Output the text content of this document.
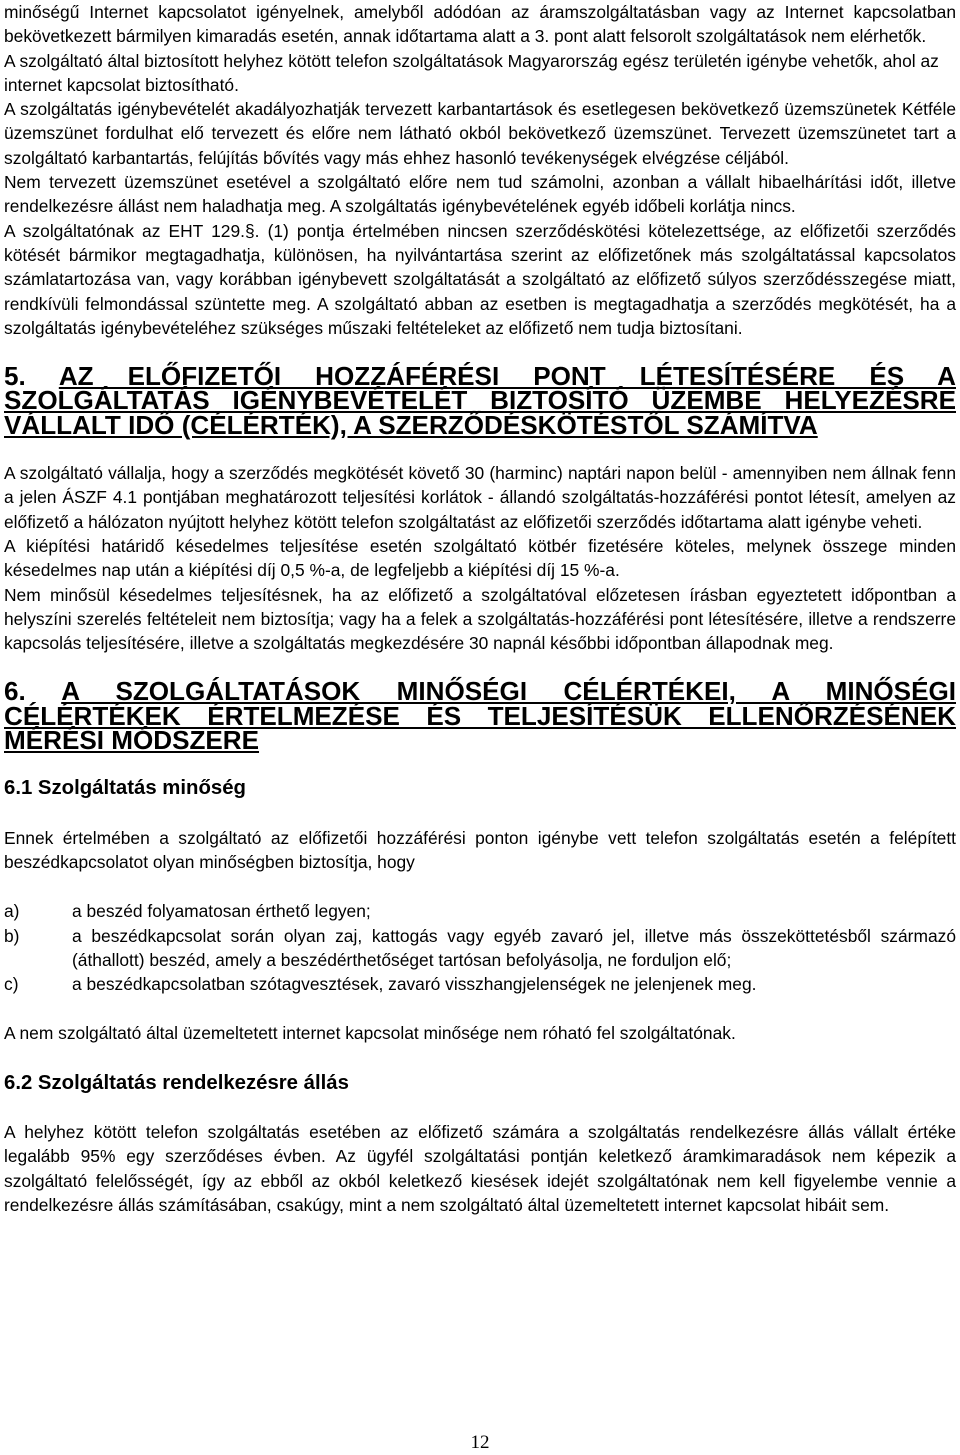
minőségű Internet kapcsolatot igényelnek, amelyből adódóan az áramszolgáltatásban vagy az Internet kapcsolatban bekövetkezett bármilyen kimaradás esetén, annak időtartama alatt a 3. pont alatt felsorolt szolgáltatások nem elérhetők.

A szolgáltató által biztosított helyhez kötött telefon szolgáltatások Magyarország egész területén igénybe vehetők, ahol az internet kapcsolat biztosítható.

A szolgáltatás igénybevételét akadályozhatják tervezett karbantartások és esetlegesen bekövetkező üzemszünetek Kétféle üzemszünet fordulhat elő tervezett és előre nem látható okból bekövetkező üzemszünet. Tervezett üzemszünetet tart a szolgáltató karbantartás, felújítás bővítés vagy más ehhez hasonló tevékenységek elvégzése céljából.

Nem tervezett üzemszünet esetével a szolgáltató előre nem tud számolni, azonban a vállalt hibaelhárítási időt, illetve rendelkezésre állást nem haladhatja meg. A szolgáltatás igénybevételének egyéb időbeli korlátja nincs.

A szolgáltatónak az EHT 129.§. (1) pontja értelmében nincsen szerződéskötési kötelezettsége, az előfizetői szerződés kötését bármikor megtagadhatja, különösen, ha nyilvántartása szerint az előfizetőnek más szolgáltatással kapcsolatos számlatartozása van, vagy korábban igénybevett szolgáltatását a szolgáltató az előfizető súlyos szerződésszegése miatt, rendkívüli felmondással szüntette meg. A szolgáltató abban az esetben is megtagadhatja a szerződés megkötését, ha a szolgáltatás igénybevételéhez szükséges műszaki feltételeket az előfizető nem tudja biztosítani.

5. AZ ELŐFIZETŐI HOZZÁFÉRÉSI PONT LÉTESÍTÉSÉRE ÉS A SZOLGÁLTATÁS IGÉNYBEVÉTELÉT BIZTOSÍTÓ ÜZEMBE HELYEZÉSRE VÁLLALT IDŐ (CÉLÉRTÉK), A SZERZŐDÉSKÖTÉSTŐL SZÁMÍTVA

A szolgáltató vállalja, hogy a szerződés megkötését követő 30 (harminc) naptári napon belül - amennyiben nem állnak fenn a jelen ÁSZF 4.1 pontjában meghatározott teljesítési korlátok - állandó szolgáltatás-hozzáférési pontot létesít, amelyen az előfizető a hálózaton nyújtott helyhez kötött telefon szolgáltatást az előfizetői szerződés időtartama alatt igénybe veheti.

A kiépítési határidő késedelmes teljesítése esetén szolgáltató kötbér fizetésére köteles, melynek összege minden késedelmes nap után a kiépítési díj 0,5 %-a, de legfeljebb a kiépítési díj 15 %-a.

Nem minősül késedelmes teljesítésnek, ha az előfizető a szolgáltatóval előzetesen írásban egyeztetett időpontban a helyszíni szerelés feltételeit nem biztosítja; vagy ha a felek a szolgáltatás-hozzáférési pont létesítésére, illetve a rendszerre kapcsolás teljesítésére, illetve a szolgáltatás megkezdésére 30 napnál későbbi időpontban állapodnak meg.

6. A SZOLGÁLTATÁSOK MINŐSÉGI CÉLÉRTÉKEI, A MINŐSÉGI CÉLÉRTÉKEK ÉRTELMEZÉSE ÉS TELJESÍTÉSÜK ELLENŐRZÉSÉNEK MÉRÉSI MÓDSZERE
6.1 Szolgáltatás minőség

Ennek értelmében a szolgáltató az előfizetői hozzáférési ponton igénybe vett telefon szolgáltatás esetén a felépített beszédkapcsolatot olyan minőségben biztosítja, hogy

a)	a beszéd folyamatosan érthető legyen;
b)	a beszédkapcsolat során olyan zaj, kattogás vagy egyéb zavaró jel, illetve más összeköttetésből származó (áthallott) beszéd, amely a beszédérthetőséget tartósan befolyásolja, ne forduljon elő;
c)	a beszédkapcsolatban szótagvesztések, zavaró visszhangjelenségek ne jelenjenek meg.

A nem szolgáltató által üzemeltetett internet kapcsolat minősége nem róható fel szolgáltatónak.

6.2 Szolgáltatás rendelkezésre állás

A helyhez kötött telefon szolgáltatás esetében az előfizető számára a szolgáltatás rendelkezésre állás vállalt értéke legalább 95% egy szerződéses évben. Az ügyfél szolgáltatási pontján keletkező áramkimaradások nem képezik a szolgáltató felelősségét, így az ebből az okból keletkező kiesések idejét szolgáltatónak nem kell figyelembe vennie a rendelkezésre állás számításában, csakúgy, mint a nem szolgáltató által üzemeltetett internet kapcsolat hibáit sem.

12
